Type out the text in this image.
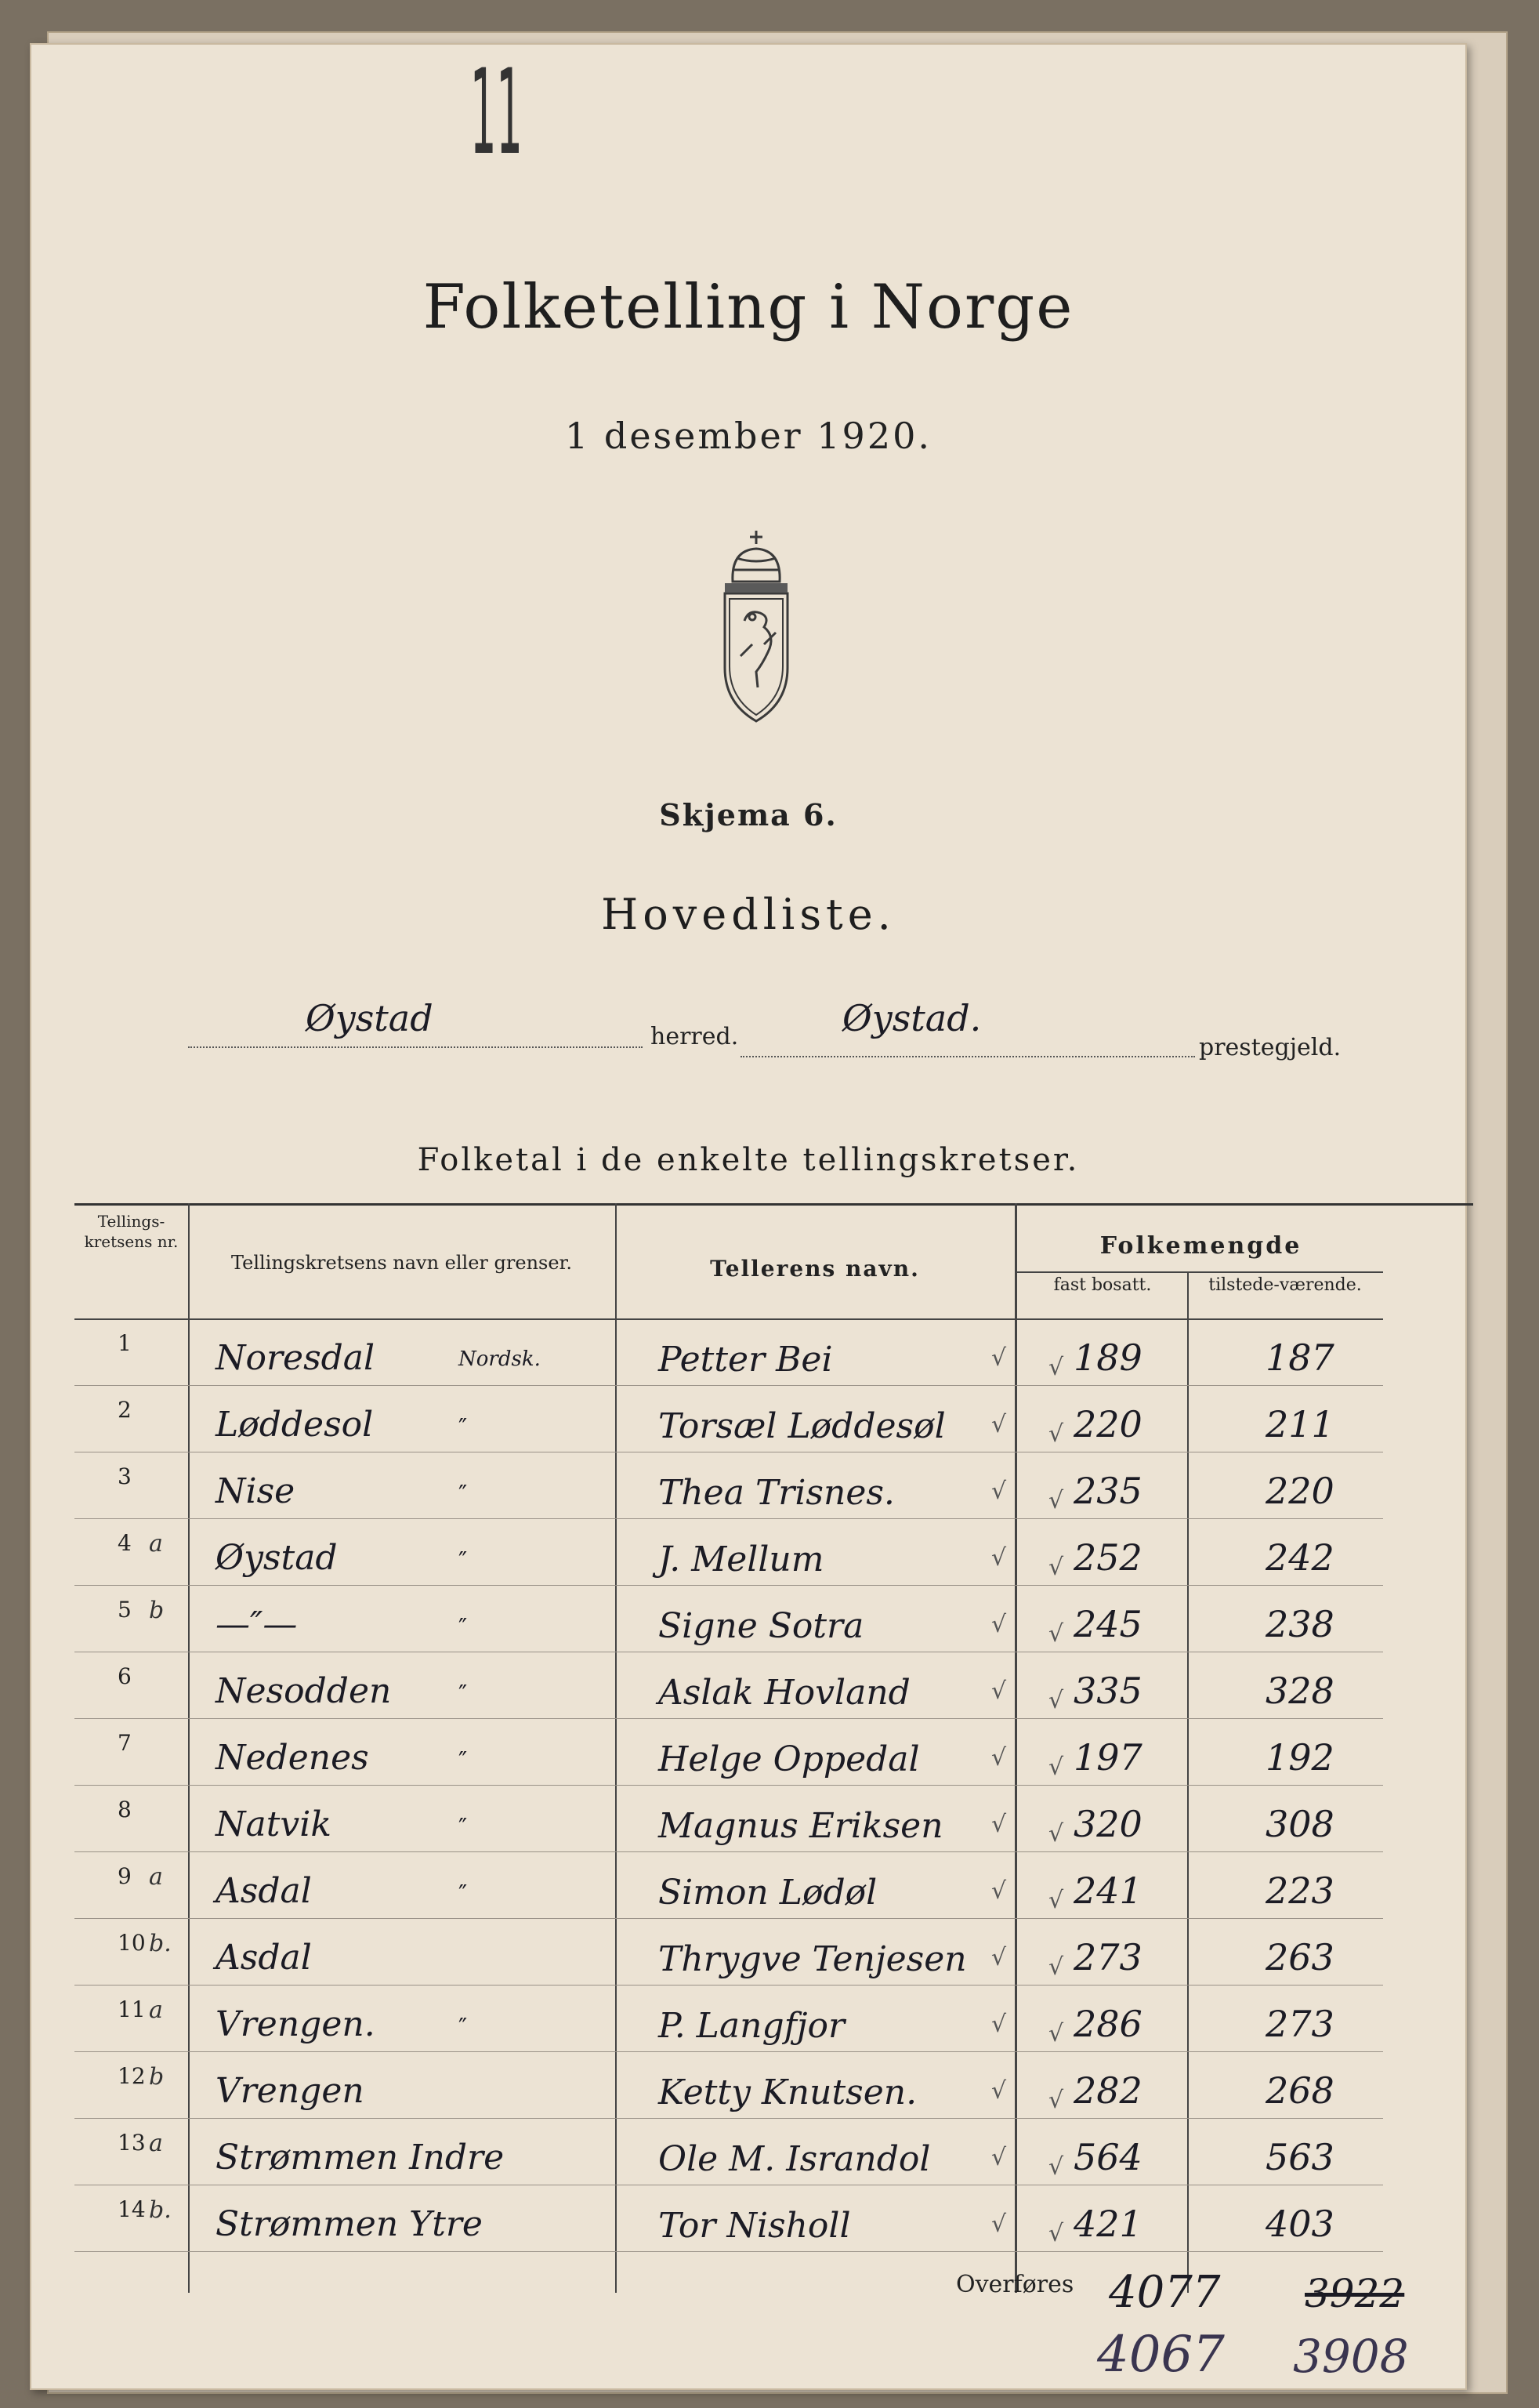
11
Folketelling i Norge
1 desember 1920.
Skjema 6.
Hovedliste.
Øystad	herred.	Øystad.
prestegjeld.
Folketal i de enkelte tellingskretser.
Tellings-kretsens nr.
Tellingskretsens navn eller grenser.	Tellerens navn.
Folkemengde
fast bosatt.	tilstede-værende.
1 Noresdal	Nordsk.	Petter Bei	189	187
√ √
2 Løddesol	″	Torsæl Løddesøl	220	211
√ √
3 Nise	″	Thea Trisnes.	235	220
√ √
4 a Øystad	″	J. Mellum	252	242
√ √
5 b —″—	″	Signe Sotra	245	238
√ √
6 Nesodden	″	Aslak Hovland	335	328
√ √
7 Nedenes	″	Helge Oppedal	197	192
√ √
8 Natvik	″	Magnus Eriksen	320	308
√ √
9 a Asdal	″	Simon Lødøl	241	223
√ √
10 b. Asdal	Thrygve Tenjesen	273	263
√ √
11 a Vrengen.	″	P. Langfjor	286	273
√ √
12 b Vrengen	Ketty Knutsen.	282	268
√ √
13 a Strømmen Indre	Ole M. Israndol	564	563
√ √
14 b. Strømmen Ytre	Tor Nisholl	421	403
√ √
Overføres 4077 3922
4067 3908
